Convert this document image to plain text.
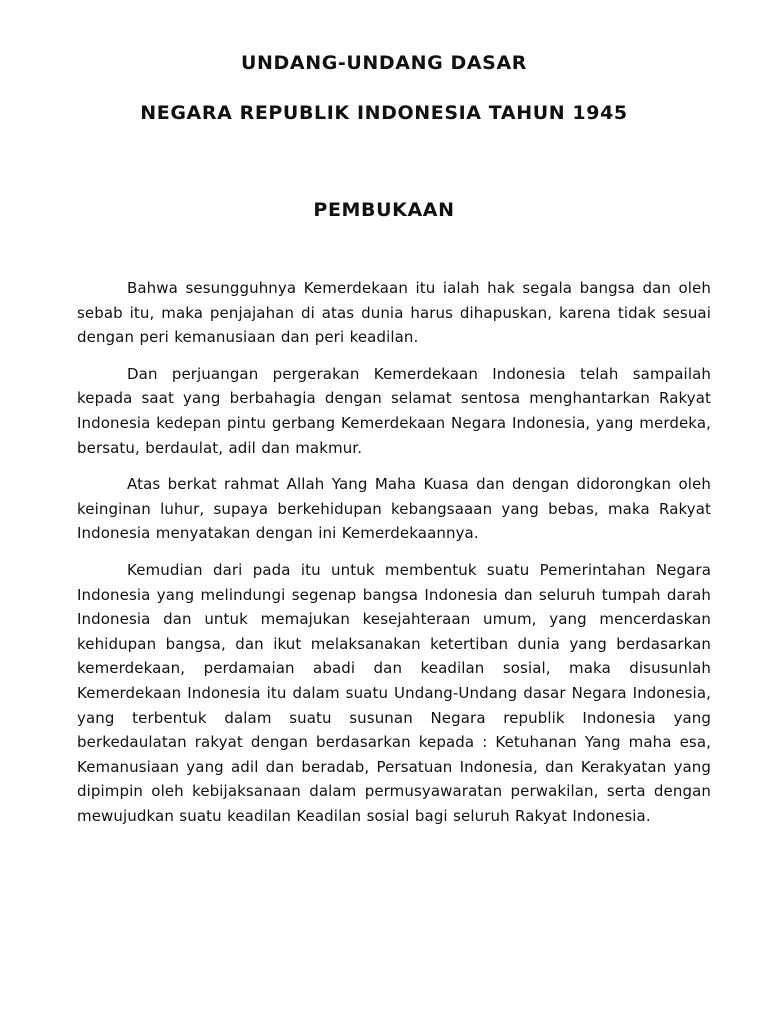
UNDANG-UNDANG DASAR
NEGARA REPUBLIK INDONESIA TAHUN 1945
PEMBUKAAN

Bahwa sesungguhnya Kemerdekaan itu ialah hak segala bangsa dan oleh sebab itu, maka penjajahan di atas dunia harus dihapuskan, karena tidak sesuai dengan peri kemanusiaan dan peri keadilan.

Dan perjuangan pergerakan Kemerdekaan Indonesia telah sampailah kepada saat yang berbahagia dengan selamat sentosa menghantarkan Rakyat Indonesia kedepan pintu gerbang Kemerdekaan Negara Indonesia, yang merdeka, bersatu, berdaulat, adil dan makmur.

Atas berkat rahmat Allah Yang Maha Kuasa dan dengan didorongkan oleh keinginan luhur, supaya berkehidupan kebangsaaan yang bebas, maka Rakyat Indonesia menyatakan dengan ini Kemerdekaannya.

Kemudian dari pada itu untuk membentuk suatu Pemerintahan Negara Indonesia yang melindungi segenap bangsa Indonesia dan seluruh tumpah darah Indonesia dan untuk memajukan kesejahteraan umum, yang mencerdaskan kehidupan bangsa, dan ikut melaksanakan ketertiban dunia yang berdasarkan kemerdekaan, perdamaian abadi dan keadilan sosial, maka disusunlah Kemerdekaan Indonesia itu dalam suatu Undang-Undang dasar Negara Indonesia, yang terbentuk dalam suatu susunan Negara republik Indonesia yang berkedaulatan rakyat dengan berdasarkan kepada : Ketuhanan Yang maha esa, Kemanusiaan yang adil dan beradab, Persatuan Indonesia, dan Kerakyatan yang dipimpin oleh kebijaksanaan dalam permusyawaratan perwakilan, serta dengan mewujudkan suatu keadilan Keadilan sosial bagi seluruh Rakyat Indonesia.
